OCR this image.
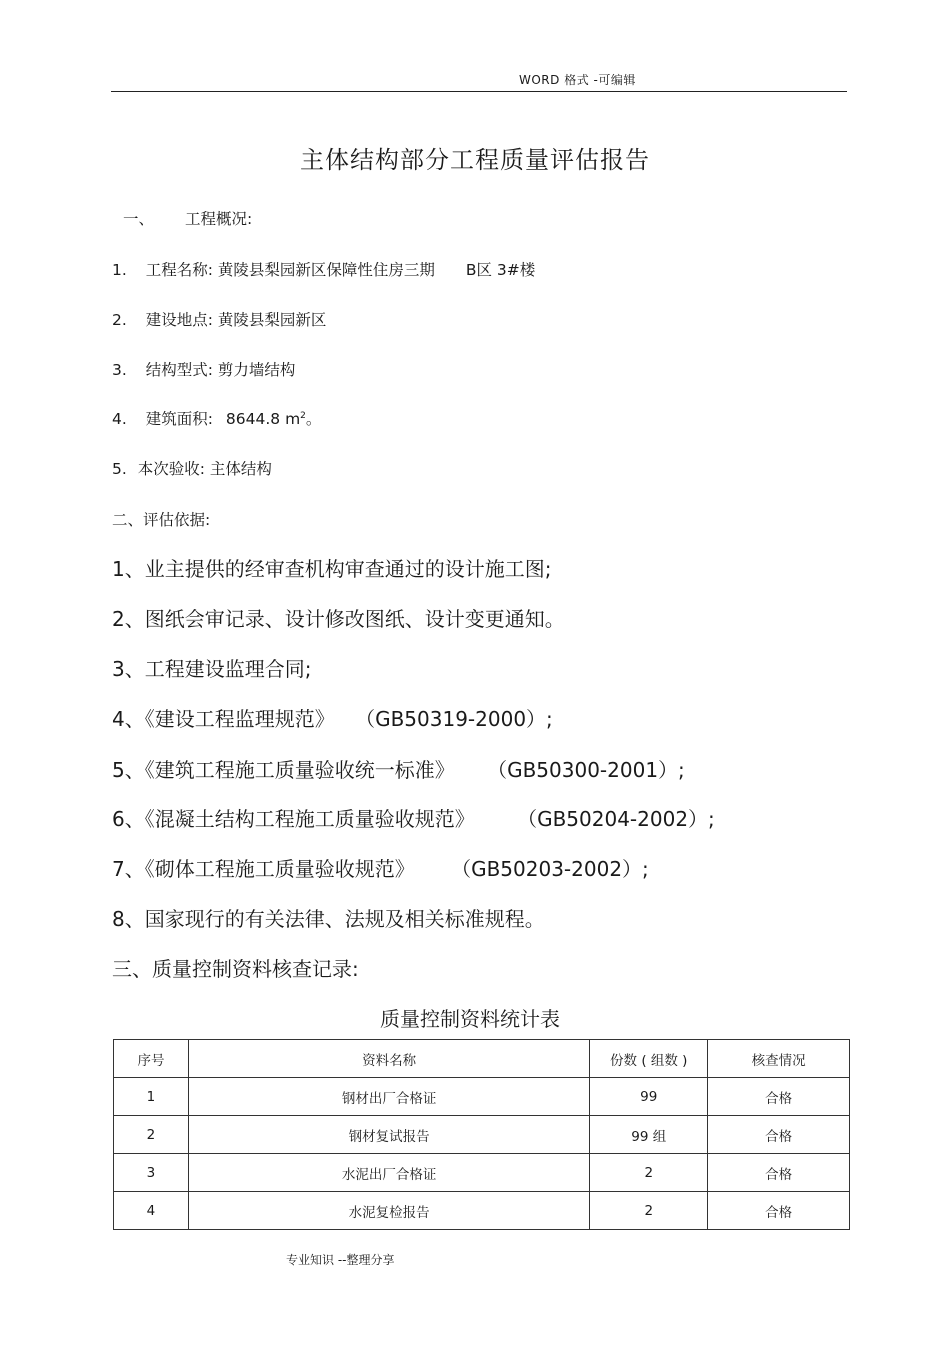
WORD 格式 -可编辑
主体结构部分工程质量评估报告
一、 工程概况:
1. 工程名称: 黄陵县梨园新区保障性住房三期 B区 3#楼
2. 建设地点: 黄陵县梨园新区
3. 结构型式: 剪力墙结构
4. 建筑面积: 8644.8 $m^2$。
5. 本次验收: 主体结构
二、评估依据:
1、业主提供的经审查机构审查通过的设计施工图;
2、图纸会审记录、设计修改图纸、设计变更通知。
3、工程建设监理合同;
4、《建设工程监理规范》 （GB50319-2000）;
5、《建筑工程施工质量验收统一标准》 （GB50300-2001）;
6、《混凝土结构工程施工质量验收规范》 （GB50204-2002）;
7、《砌体工程施工质量验收规范》 （GB50203-2002）;
8、国家现行的有关法律、法规及相关标准规程。
三、质量控制资料核查记录:
质量控制资料统计表
序号	资料名称	份数 ( 组数 )	核查情况
1	钢材出厂合格证	99	合格
2	钢材复试报告	99 组	合格
3	水泥出厂合格证	2	合格
4	水泥复检报告	2	合格
专业知识 --整理分享
